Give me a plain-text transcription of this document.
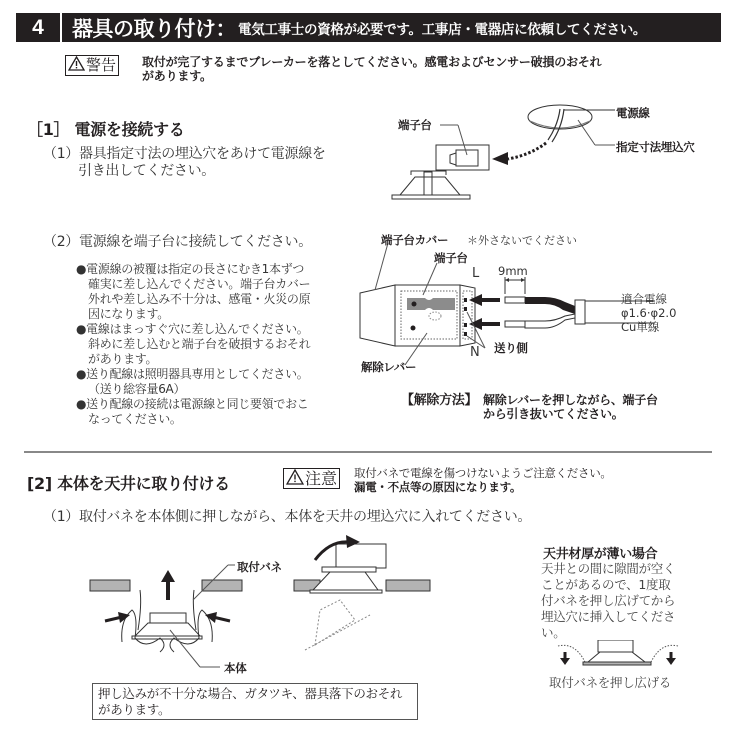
4	器具の取り付け： 電気工事士の資格が必要です。工事店・電器店に依頼してください。
警告 取付が完了するまでブレーカーを落としてください。感電およびセンサー破損のおそれ
があります。
［1］ 電源を接続する
（1）器具指定寸法の埋込穴をあけて電源線を
引き出してください。
端子台
電源線
指定寸法埋込穴
（2）電源線を端子台に接続してください。
●電源線の被覆は指定の長さにむき1本ずつ
確実に差し込んでください。端子台カバー
外れや差し込み不十分は、感電・火災の原
因になります。
●電線はまっすぐ穴に差し込んでください。
斜めに差し込むと端子台を破損するおそれ
があります。
●送り配線は照明器具専用としてください。
（送り総容量6A）
●送り配線の接続は電源線と同じ要領でおこ
なってください。
端子台カバー ＊外さないでください
端子台
L
N
9mm
適合電線
φ1.6·φ2.0
Cu単線
送り側
解除レバー
【解除方法】 解除レバーを押しながら、端子台
から引き抜いてください。
[2] 本体を天井に取り付ける	注意 取付バネで電線を傷つけないようご注意ください。
漏電・不点等の原因になります。
（1）取付バネを本体側に押しながら、本体を天井の埋込穴に入れてください。
取付バネ
本体
天井材厚が薄い場合
天井との間に隙間が空く
ことがあるので、1度取
付バネを押し広げてから
埋込穴に挿入してくださ
い。
取付バネを押し広げる
押し込みが不十分な場合、ガタツキ、器具落下のおそれ
があります。
